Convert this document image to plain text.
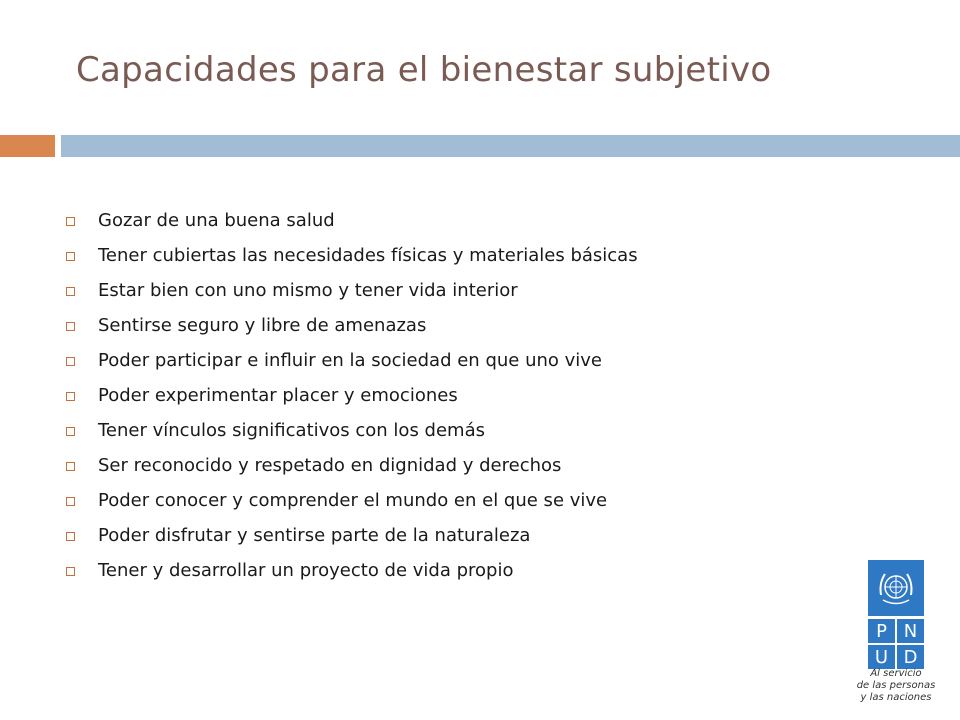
Capacidades para el bienestar subjetivo
Gozar de una buena salud
Tener cubiertas las necesidades físicas y materiales básicas
Estar bien con uno mismo y tener vida interior
Sentirse seguro y libre de amenazas
Poder participar e influir en la sociedad en que uno vive
Poder experimentar placer y emociones
Tener vínculos significativos con los demás
Ser reconocido y respetado en dignidad y derechos
Poder conocer y comprender el mundo en el que se vive
Poder disfrutar y sentirse parte de la naturaleza
Tener y desarrollar un proyecto de vida propio
P N
U D
Al servicio
de las personas
y las naciones
